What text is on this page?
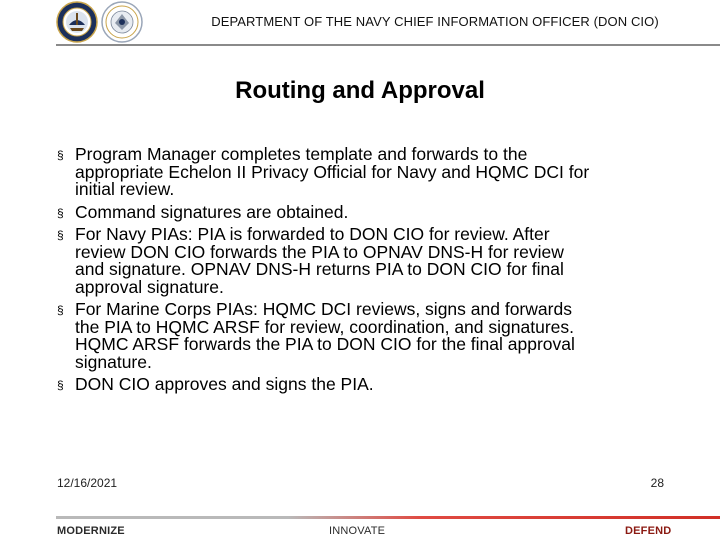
DEPARTMENT OF THE NAVY CHIEF INFORMATION OFFICER (DON CIO)
Routing and Approval
§ Program Manager completes template and forwards to the
appropriate Echelon II Privacy Official for Navy and HQMC DCI for
initial review.
§ Command signatures are obtained.
§ For Navy PIAs: PIA is forwarded to DON CIO for review. After
review DON CIO forwards the PIA to OPNAV DNS-H for review
and signature. OPNAV DNS-H returns PIA to DON CIO for final
approval signature.
§ For Marine Corps PIAs: HQMC DCI reviews, signs and forwards
the PIA to HQMC ARSF for review, coordination, and signatures.
HQMC ARSF forwards the PIA to DON CIO for the final approval
signature.
§ DON CIO approves and signs the PIA.
12/16/2021	28
MODERNIZE	INNOVATE	DEFEND
